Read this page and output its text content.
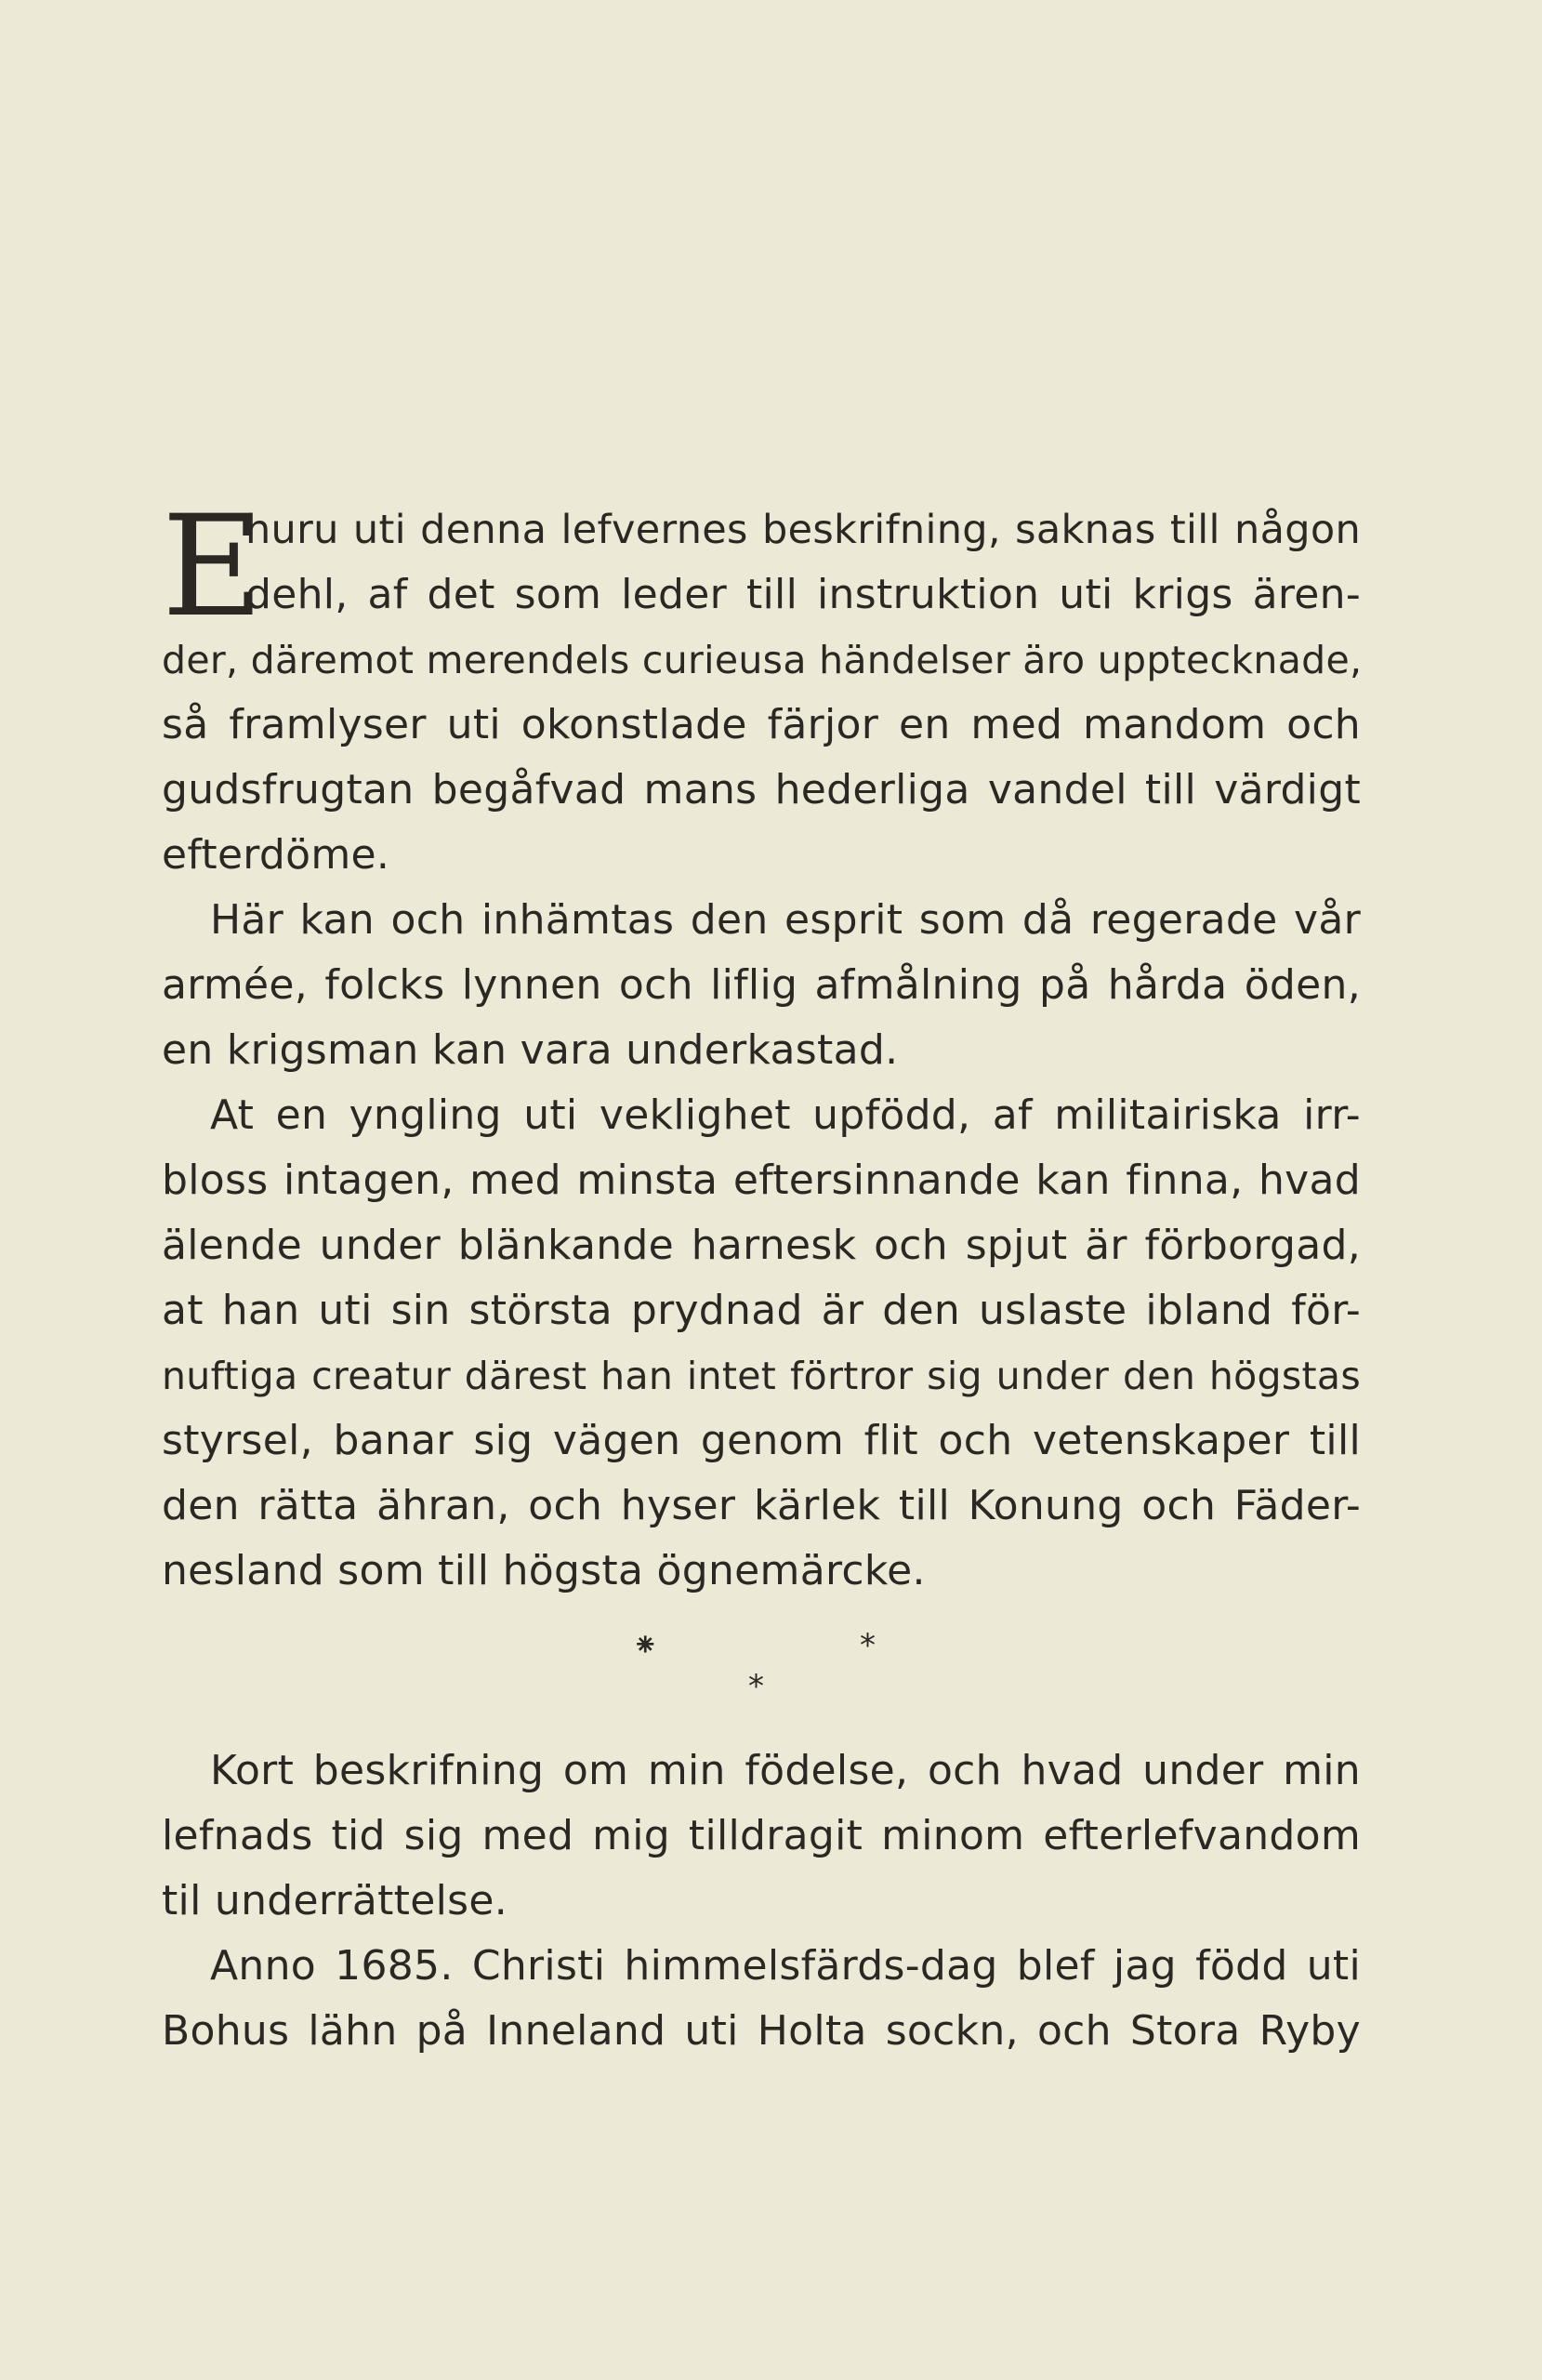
E
huru uti denna lefvernes beskrifning, saknas till någon
dehl, af det som leder till instruktion uti krigs ären-
der, däremot merendels curieusa händelser äro upptecknade,
så framlyser uti okonstlade färjor en med mandom och
gudsfrugtan begåfvad mans hederliga vandel till värdigt
efterdöme.
Här kan och inhämtas den esprit som då regerade vår
armée, folcks lynnen och liflig afmålning på hårda öden,
en krigsman kan vara underkastad.
At en yngling uti veklighet upfödd, af militairiska irr-
bloss intagen, med minsta eftersinnande kan finna, hvad
älende under blänkande harnesk och spjut är förborgad,
at han uti sin största prydnad är den uslaste ibland för-
nuftiga creatur därest han intet förtror sig under den högstas
styrsel, banar sig vägen genom flit och vetenskaper till
den rätta ähran, och hyser kärlek till Konung och Fäder-
nesland som till högsta ögnemärcke.
⁕	*
*
Kort beskrifning om min födelse, och hvad under min
lefnads tid sig med mig tilldragit minom efterlefvandom
til underrättelse.
Anno 1685. Christi himmelsfärds-dag blef jag född uti
Bohus lähn på Inneland uti Holta sockn, och Stora Ryby
